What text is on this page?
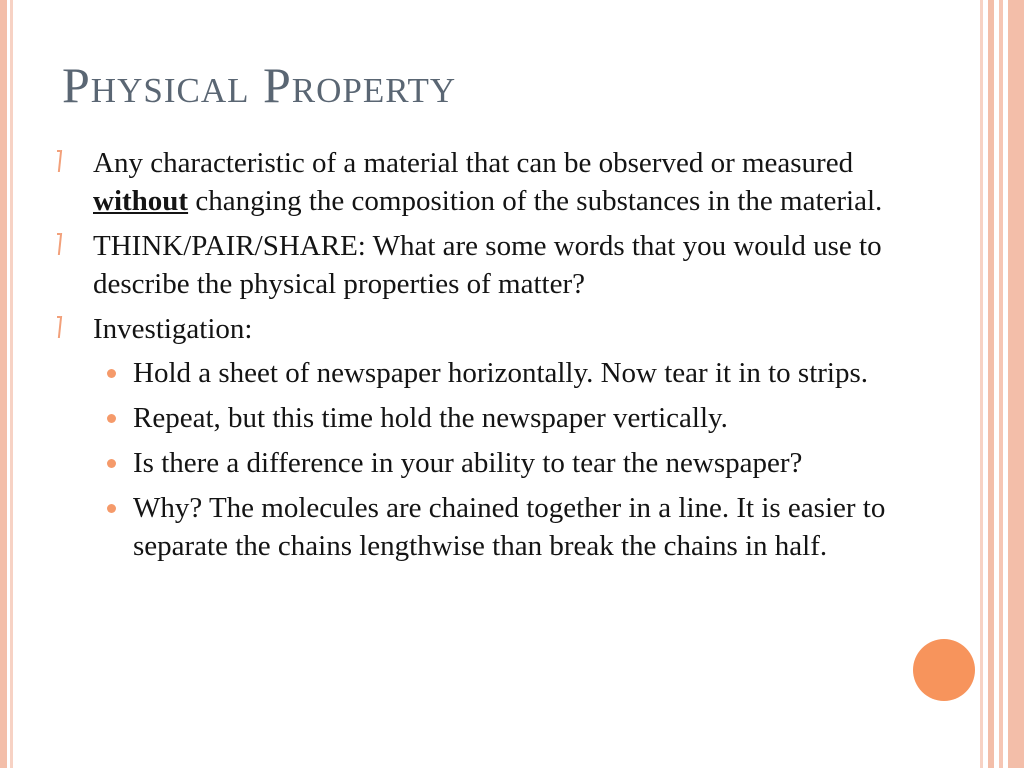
Physical Property
Any characteristic of a material that can be observed or measured without changing the composition of the substances in the material.
THINK/PAIR/SHARE: What are some words that you would use to describe the physical properties of matter?
Investigation:
Hold a sheet of newspaper horizontally. Now tear it in to strips.
Repeat, but this time hold the newspaper vertically.
Is there a difference in your ability to tear the newspaper?
Why? The molecules are chained together in a line. It is easier to separate the chains lengthwise than break the chains in half.
